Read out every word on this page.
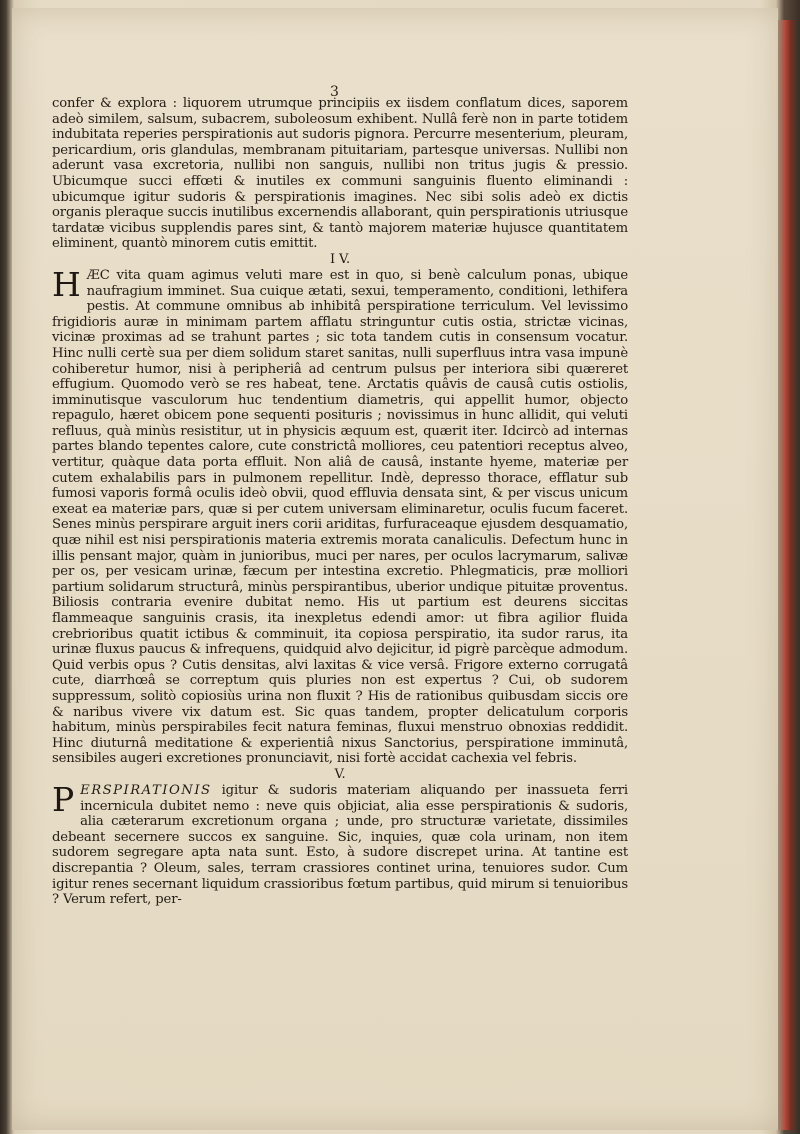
3

confer & explora : liquorem utrumque principiis ex iisdem conflatum dices, saporem adeò similem, salsum, subacrem, suboleosum exhibent. Nullâ ferè non in parte totidem indubitata reperies perspirationis aut sudoris pignora. Percurre mesenterium, pleuram, pericardium, oris glandulas, membranam pituitariam, partesque universas. Nullibi non aderunt vasa excretoria, nullibi non sanguis, nullibi non tritus jugis & pressio. Ubicumque succi effœti & inutiles ex communi sanguinis fluento eliminandi : ubicumque igitur sudoris & perspirationis imagines. Nec sibi solis adeò ex dictis organis pleraque succis inutilibus excernendis allaborant, quin perspirationis utriusque tardatæ vicibus supplendis pares sint, & tantò majorem materiæ hujusce quantitatem eliminent, quantò minorem cutis emittit.

I V.

HÆC vita quam agimus veluti mare est in quo, si benè calculum ponas, ubique naufragium imminet. Sua cuique ætati, sexui, temperamento, conditioni, lethifera pestis. At commune omnibus ab inhibitâ perspiratione terriculum. Vel levissimo frigidioris auræ in minimam partem afflatu stringuntur cutis ostia, strictæ vicinas, vicinæ proximas ad se trahunt partes ; sic tota tandem cutis in consensum vocatur. Hinc nulli certè sua per diem solidum staret sanitas, nulli superfluus intra vasa impunè cohiberetur humor, nisi à peripheriâ ad centrum pulsus per interiora sibi quæreret effugium. Quomodo verò se res habeat, tene. Arctatis quâvis de causâ cutis ostiolis, imminutisque vasculorum huc tendentium diametris, qui appellit humor, objecto repagulo, hæret obicem pone sequenti posituris ; novissimus in hunc allidit, qui veluti refluus, quà minùs resistitur, ut in physicis æquum est, quærit iter. Idcircò ad internas partes blando tepentes calore, cute constrictâ molliores, ceu patentiori receptus alveo, vertitur, quàque data porta effluit. Non aliâ de causâ, instante hyeme, materiæ per cutem exhalabilis pars in pulmonem repellitur. Indè, depresso thorace, efflatur sub fumosi vaporis formâ oculis ideò obvii, quod effluvia densata sint, & per viscus unicum exeat ea materiæ pars, quæ si per cutem universam eliminaretur, oculis fucum faceret. Senes minùs perspirare arguit iners corii ariditas, furfuraceaque ejusdem desquamatio, quæ nihil est nisi perspirationis materia extremis morata canaliculis. Defectum hunc in illis pensant major, quàm in junioribus, muci per nares, per oculos lacrymarum, salivæ per os, per vesicam urinæ, fæcum per intestina excretio. Phlegmaticis, præ molliori partium solidarum structurâ, minùs perspirantibus, uberior undique pituitæ proventus. Biliosis contraria evenire dubitat nemo. His ut partium est deurens siccitas flammeaque sanguinis crasis, ita inexpletus edendi amor: ut fibra agilior fluida crebrioribus quatit ictibus & comminuit, ita copiosa perspiratio, ita sudor rarus, ita urinæ fluxus paucus & infrequens, quidquid alvo dejicitur, id pigrè parcèque admodum. Quid verbis opus ? Cutis densitas, alvi laxitas & vice versâ. Frigore externo corrugatâ cute, diarrhœâ se correptum quis pluries non est expertus ? Cui, ob sudorem suppressum, solitò copiosiùs urina non fluxit ? His de rationibus quibusdam siccis ore & naribus vivere vix datum est. Sic quas tandem, propter delicatulum corporis habitum, minùs perspirabiles fecit natura feminas, fluxui menstruo obnoxias reddidit. Hinc diuturnâ meditatione & experientiâ nixus Sanctorius, perspiratione imminutâ, sensibiles augeri excretiones pronunciavit, nisi fortè accidat cachexia vel febris.

V.

PERSPIRATIONIS igitur & sudoris materiam aliquando per inassueta ferri incernicula dubitet nemo : neve quis objiciat, alia esse perspirationis & sudoris, alia cæterarum excretionum organa ; unde, pro structuræ varietate, dissimiles debeant secernere succos ex sanguine. Sic, inquies, quæ cola urinam, non item sudorem segregare apta nata sunt. Esto, à sudore discrepet urina. At tantine est discrepantia ? Oleum, sales, terram crassiores continet urina, tenuiores sudor. Cum igitur renes secernant liquidum crassioribus fœtum partibus, quid mirum si tenuioribus ? Verum refert, per-
